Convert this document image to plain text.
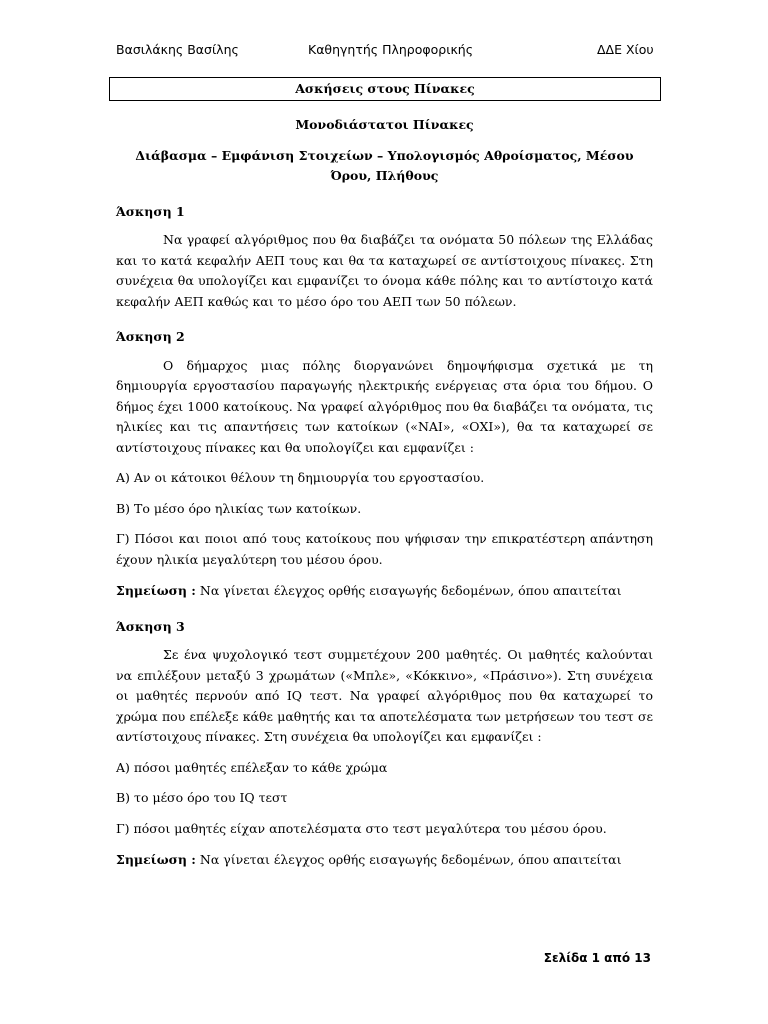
Βασιλάκης Βασίλης	Καθηγητής Πληροφορικής	ΔΔΕ Χίου
Ασκήσεις στους Πίνακες

Μονοδιάστατοι Πίνακες

Διάβασμα – Εμφάνιση Στοιχείων – Υπολογισμός Αθροίσματος, Μέσου Όρου, Πλήθους

Άσκηση 1

Να γραφεί αλγόριθμος που θα διαβάζει τα ονόματα 50 πόλεων της Ελλάδας και το κατά κεφαλήν ΑΕΠ τους και θα τα καταχωρεί σε αντίστοιχους πίνακες. Στη συνέχεια θα υπολογίζει και εμφανίζει το όνομα κάθε πόλης και το αντίστοιχο κατά κεφαλήν ΑΕΠ καθώς και το μέσο όρο του ΑΕΠ των 50 πόλεων.

Άσκηση 2

Ο δήμαρχος μιας πόλης διοργανώνει δημοψήφισμα σχετικά με τη δημιουργία εργοστασίου παραγωγής ηλεκτρικής ενέργειας στα όρια του δήμου. Ο δήμος έχει 1000 κατοίκους. Να γραφεί αλγόριθμος που θα διαβάζει τα ονόματα, τις ηλικίες και τις απαντήσεις των κατοίκων («ΝΑΙ», «ΟΧΙ»), θα τα καταχωρεί σε αντίστοιχους πίνακες και θα υπολογίζει και εμφανίζει :

Α) Αν οι κάτοικοι θέλουν τη δημιουργία του εργοστασίου.

Β) Το μέσο όρο ηλικίας των κατοίκων.

Γ) Πόσοι και ποιοι από τους κατοίκους που ψήφισαν την επικρατέστερη απάντηση έχουν ηλικία μεγαλύτερη του μέσου όρου.

Σημείωση : Να γίνεται έλεγχος ορθής εισαγωγής δεδομένων, όπου απαιτείται

Άσκηση 3

Σε ένα ψυχολογικό τεστ συμμετέχουν 200 μαθητές. Οι μαθητές καλούνται να επιλέξουν μεταξύ 3 χρωμάτων («Μπλε», «Κόκκινο», «Πράσινο»). Στη συνέχεια οι μαθητές περνούν από IQ τεστ. Να γραφεί αλγόριθμος που θα καταχωρεί το χρώμα που επέλεξε κάθε μαθητής και τα αποτελέσματα των μετρήσεων του τεστ σε αντίστοιχους πίνακες. Στη συνέχεια θα υπολογίζει και εμφανίζει :

Α) πόσοι μαθητές επέλεξαν το κάθε χρώμα

Β) το μέσο όρο του IQ τεστ

Γ) πόσοι μαθητές είχαν αποτελέσματα στο τεστ μεγαλύτερα του μέσου όρου.

Σημείωση : Να γίνεται έλεγχος ορθής εισαγωγής δεδομένων, όπου απαιτείται

Σελίδα 1 από 13
